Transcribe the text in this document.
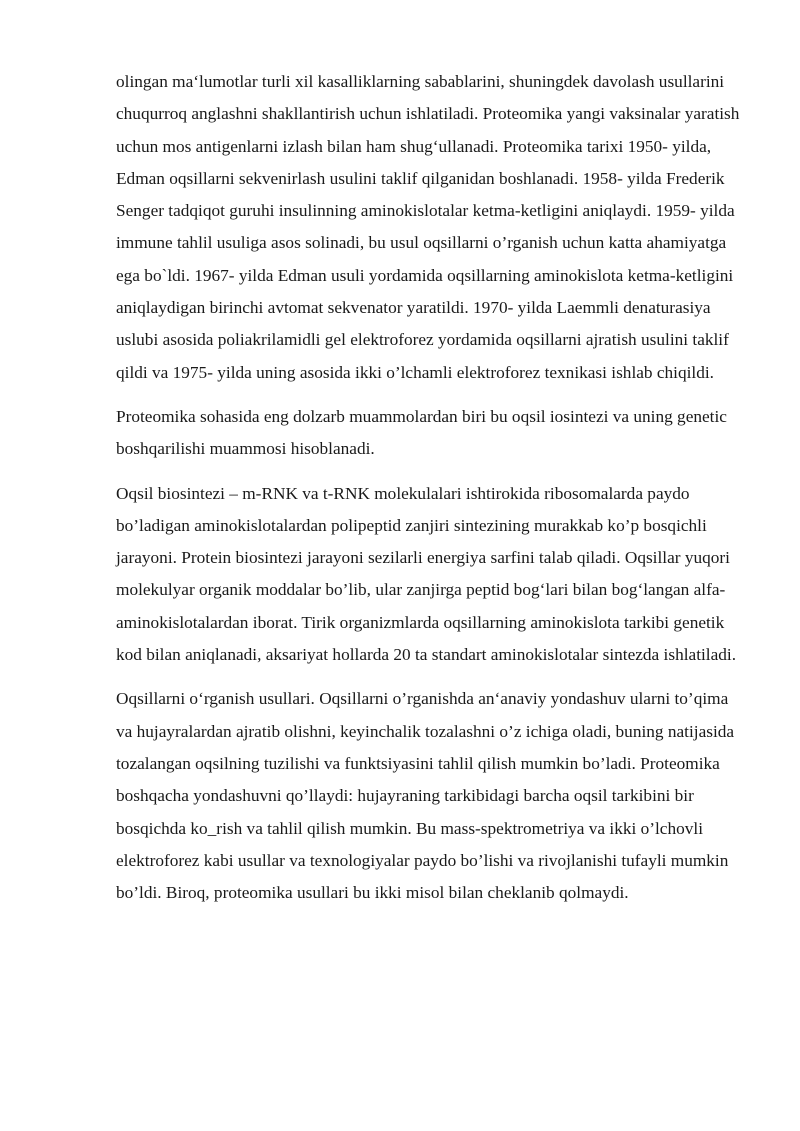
olingan ma‘lumotlar turli xil kasalliklarning sabablarini, shuningdek davolash usullarini chuqurroq anglashni shakllantirish uchun ishlatiladi. Proteomika yangi vaksinalar yaratish uchun mos antigenlarni izlash bilan ham shug‘ullanadi. Proteomika tarixi 1950- yilda, Edman oqsillarni sekvenirlash usulini taklif qilganidan boshlanadi. 1958- yilda Frederik Senger tadqiqot guruhi insulinning aminokislotalar ketma-ketligini aniqlaydi. 1959- yilda immune tahlil usuliga asos solinadi, bu usul oqsillarni o’rganish uchun katta ahamiyatga ega bo`ldi. 1967- yilda Edman usuli yordamida oqsillarning aminokislota ketma-ketligini aniqlaydigan birinchi avtomat sekvenator yaratildi. 1970- yilda Laemmli denaturasiya uslubi asosida poliakrilamidli gel elektroforez yordamida oqsillarni ajratish usulini taklif qildi va 1975- yilda uning asosida ikki o’lchamli elektroforez texnikasi ishlab chiqildi.

Proteomika sohasida eng dolzarb muammolardan biri bu oqsil iosintezi va uning genetic boshqarilishi muammosi hisoblanadi.

Oqsil biosintezi – m-RNK va t-RNK molekulalari ishtirokida ribosomalarda paydo bo’ladigan aminokislotalardan polipeptid zanjiri sintezining murakkab ko’p bosqichli jarayoni. Protein biosintezi jarayoni sezilarli energiya sarfini talab qiladi. Oqsillar yuqori molekulyar organik moddalar bo’lib, ular zanjirga peptid bog‘lari bilan bog‘langan alfa-aminokislotalardan iborat. Tirik organizmlarda oqsillarning aminokislota tarkibi genetik kod bilan aniqlanadi, aksariyat hollarda 20 ta standart aminokislotalar sintezda ishlatiladi.

Oqsillarni o‘rganish usullari. Oqsillarni o’rganishda an‘anaviy yondashuv ularni to’qima va hujayralardan ajratib olishni, keyinchalik tozalashni o’z ichiga oladi, buning natijasida tozalangan oqsilning tuzilishi va funktsiyasini tahlil qilish mumkin bo’ladi. Proteomika boshqacha yondashuvni qo’llaydi: hujayraning tarkibidagi barcha oqsil tarkibini bir bosqichda ko_rish va tahlil qilish mumkin. Bu mass-spektrometriya va ikki o’lchovli elektroforez kabi usullar va texnologiyalar paydo bo’lishi va rivojlanishi tufayli mumkin bo’ldi. Biroq, proteomika usullari bu ikki misol bilan cheklanib qolmaydi.
